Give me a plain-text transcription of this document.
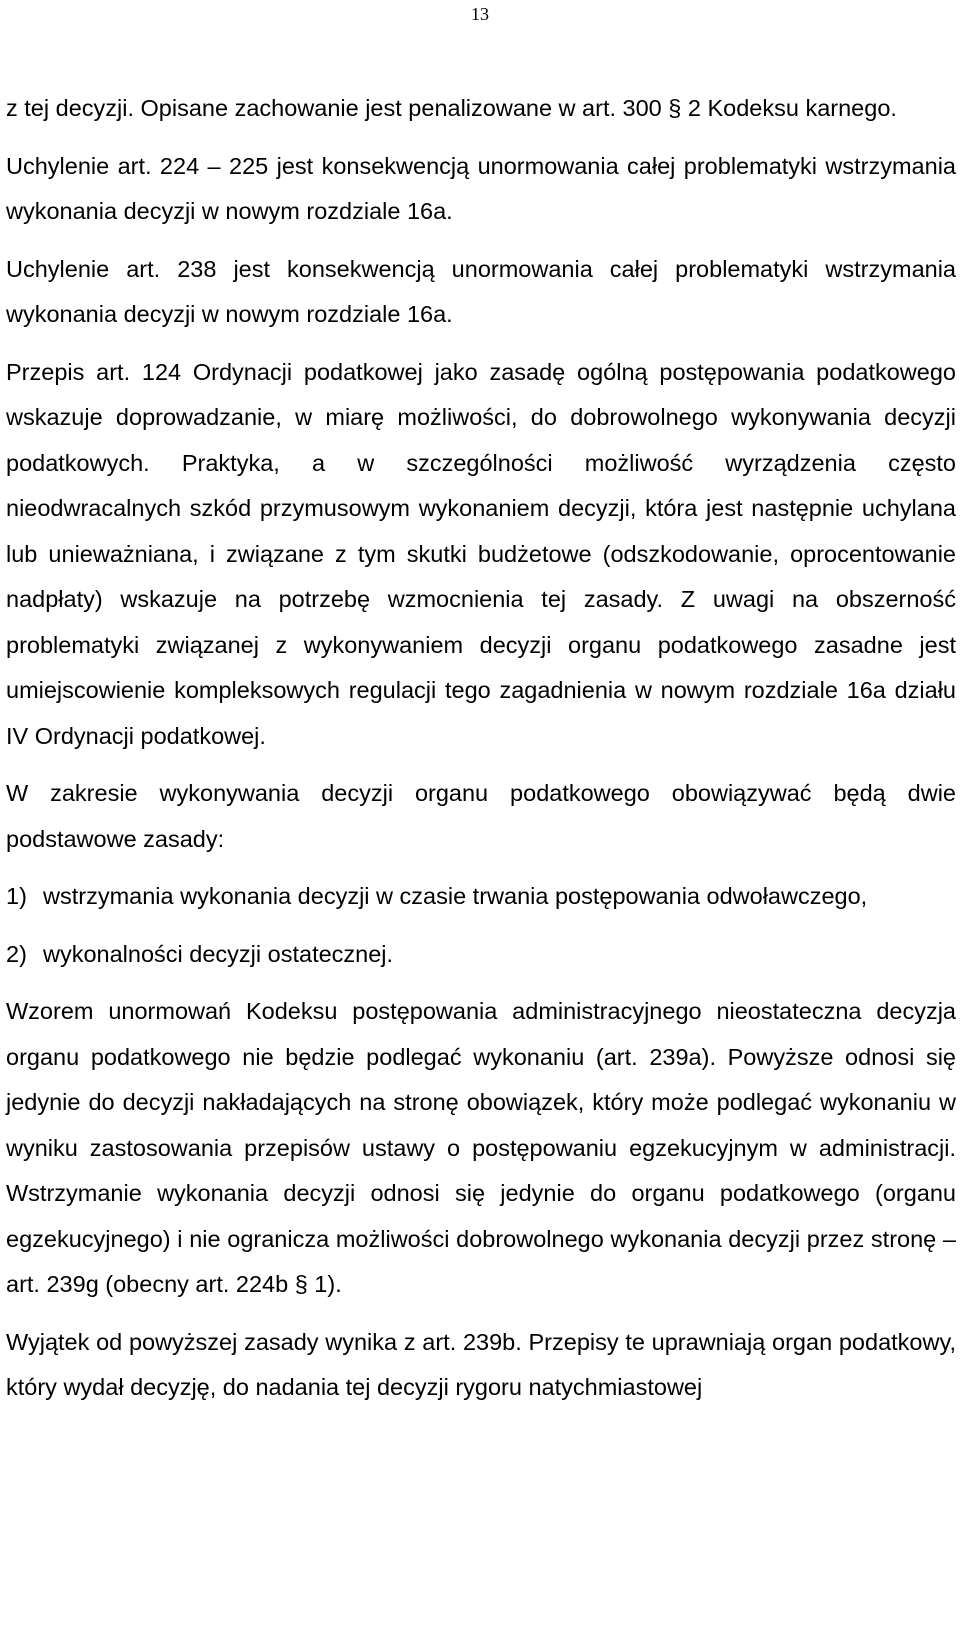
13

z tej decyzji. Opisane zachowanie jest penalizowane w art. 300 § 2 Kodeksu karnego.

Uchylenie art. 224 – 225 jest konsekwencją unormowania całej problematyki wstrzymania wykonania decyzji w nowym rozdziale 16a.

Uchylenie art. 238 jest konsekwencją unormowania całej problematyki wstrzymania wykonania decyzji w nowym rozdziale 16a.

Przepis art. 124 Ordynacji podatkowej jako zasadę ogólną postępowania podatkowego wskazuje doprowadzanie, w miarę możliwości, do dobrowolnego wykonywania decyzji podatkowych. Praktyka, a w szczególności możliwość wyrządzenia często nieodwracalnych szkód przymusowym wykonaniem decyzji, która jest następnie uchylana lub unieważniana, i związane z tym skutki budżetowe (odszkodowanie, oprocentowanie nadpłaty) wskazuje na potrzebę wzmocnienia tej zasady. Z uwagi na obszerność problematyki związanej z wykonywaniem decyzji organu podatkowego zasadne jest umiejscowienie kompleksowych regulacji tego zagadnienia w nowym rozdziale 16a działu IV Ordynacji podatkowej.

W zakresie wykonywania decyzji organu podatkowego obowiązywać będą dwie podstawowe zasady:

1) wstrzymania wykonania decyzji w czasie trwania postępowania odwoławczego,
2) wykonalności decyzji ostatecznej.

Wzorem unormowań Kodeksu postępowania administracyjnego nieostateczna decyzja organu podatkowego nie będzie podlegać wykonaniu (art. 239a). Powyższe odnosi się jedynie do decyzji nakładających na stronę obowiązek, który może podlegać wykonaniu w wyniku zastosowania przepisów ustawy o postępowaniu egzekucyjnym w administracji. Wstrzymanie wykonania decyzji odnosi się jedynie do organu podatkowego (organu egzekucyjnego) i nie ogranicza możliwości dobrowolnego wykonania decyzji przez stronę – art. 239g (obecny art. 224b § 1).

Wyjątek od powyższej zasady wynika z art. 239b. Przepisy te uprawniają organ podatkowy, który wydał decyzję, do nadania tej decyzji rygoru natychmiastowej
